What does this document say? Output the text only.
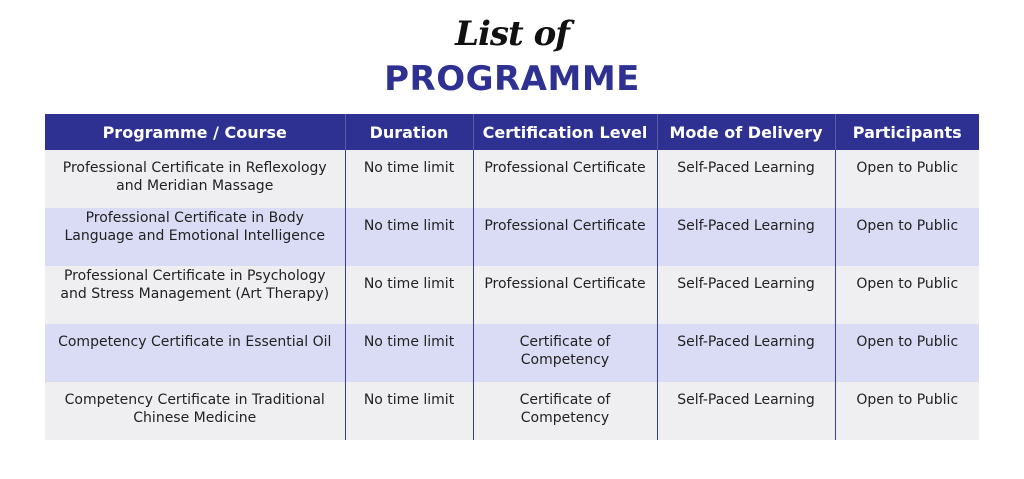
List of
PROGRAMME
Programme / Course	Duration	Certification Level	Mode of Delivery	Participants
Professional Certificate in Reflexology and Meridian Massage	No time limit	Professional Certificate	Self-Paced Learning	Open to Public
Professional Certificate in Body Language and Emotional Intelligence	No time limit	Professional Certificate	Self-Paced Learning	Open to Public
Professional Certificate in Psychology and Stress Management (Art Therapy)	No time limit	Professional Certificate	Self-Paced Learning	Open to Public
Competency Certificate in Essential Oil	No time limit	Certificate of Competency	Self-Paced Learning	Open to Public
Competency Certificate in Traditional Chinese Medicine	No time limit	Certificate of Competency	Self-Paced Learning	Open to Public
